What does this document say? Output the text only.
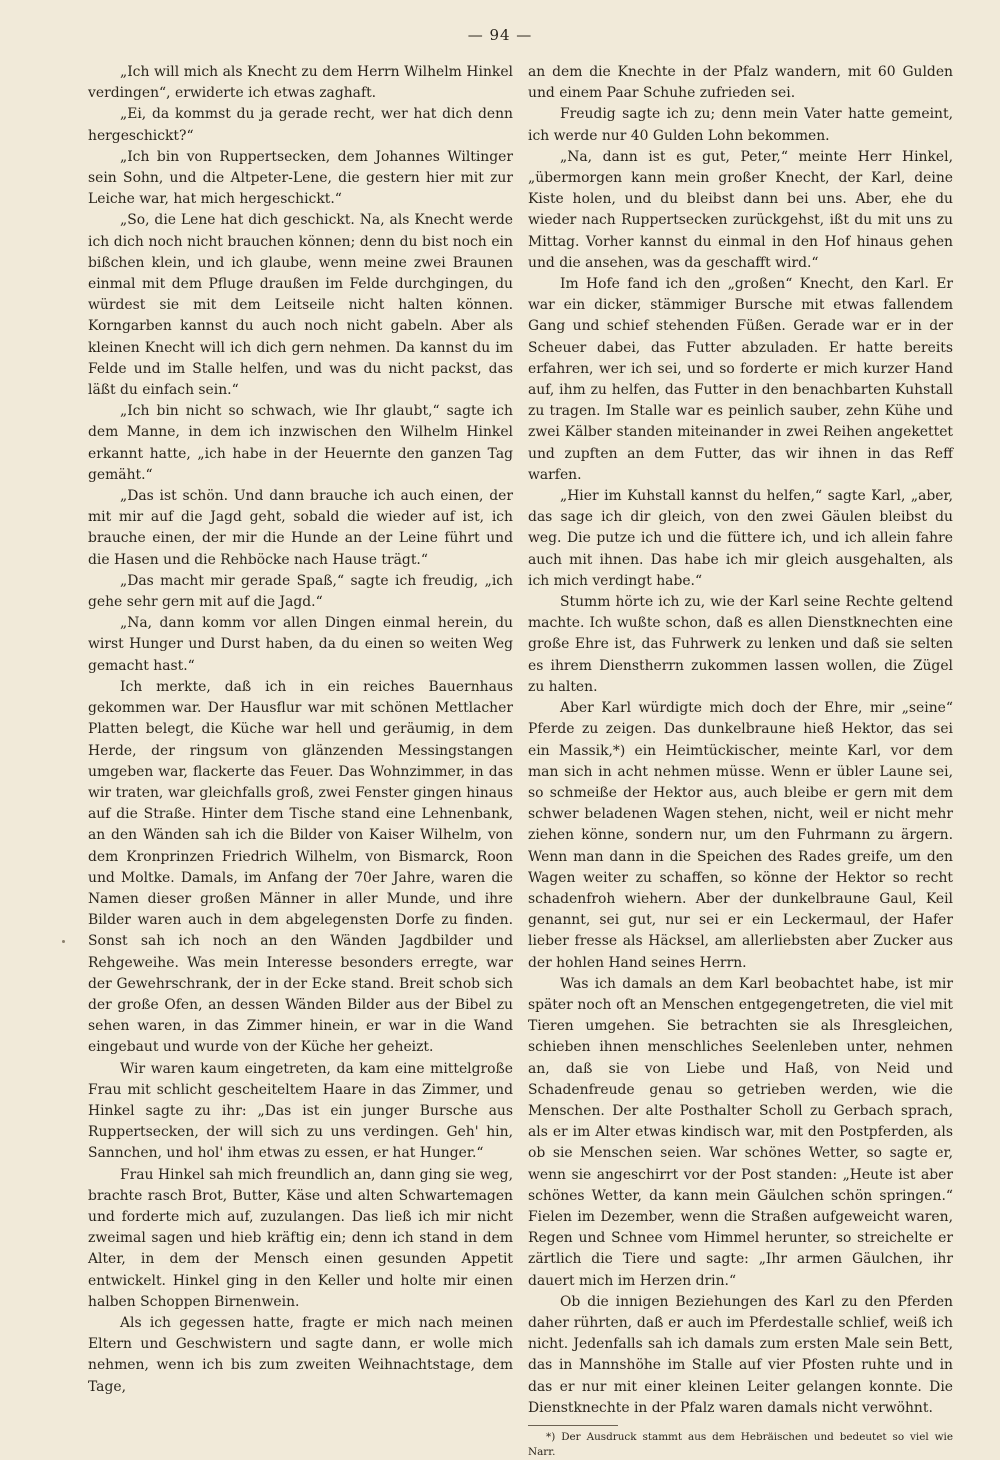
— 94 —

„Ich will mich als Knecht zu dem Herrn Wilhelm Hinkel verdingen“, erwiderte ich etwas zaghaft.

„Ei, da kommst du ja gerade recht, wer hat dich denn hergeschickt?“

„Ich bin von Ruppertsecken, dem Johannes Wiltinger sein Sohn, und die Altpeter-Lene, die gestern hier mit zur Leiche war, hat mich hergeschickt.“

„So, die Lene hat dich geschickt. Na, als Knecht werde ich dich noch nicht brauchen können; denn du bist noch ein bißchen klein, und ich glaube, wenn meine zwei Braunen einmal mit dem Pfluge draußen im Felde durchgingen, du würdest sie mit dem Leitseile nicht halten können. Korngarben kannst du auch noch nicht gabeln. Aber als kleinen Knecht will ich dich gern nehmen. Da kannst du im Felde und im Stalle helfen, und was du nicht packst, das läßt du einfach sein.“

„Ich bin nicht so schwach, wie Ihr glaubt,“ sagte ich dem Manne, in dem ich inzwischen den Wilhelm Hinkel erkannt hatte, „ich habe in der Heuernte den ganzen Tag gemäht.“

„Das ist schön. Und dann brauche ich auch einen, der mit mir auf die Jagd geht, sobald die wieder auf ist, ich brauche einen, der mir die Hunde an der Leine führt und die Hasen und die Rehböcke nach Hause trägt.“

„Das macht mir gerade Spaß,“ sagte ich freudig, „ich gehe sehr gern mit auf die Jagd.“

„Na, dann komm vor allen Dingen einmal herein, du wirst Hunger und Durst haben, da du einen so weiten Weg gemacht hast.“

Ich merkte, daß ich in ein reiches Bauernhaus gekommen war. Der Hausflur war mit schönen Mettlacher Platten belegt, die Küche war hell und geräumig, in dem Herde, der ringsum von glänzenden Messingstangen umgeben war, flackerte das Feuer. Das Wohnzimmer, in das wir traten, war gleichfalls groß, zwei Fenster gingen hinaus auf die Straße. Hinter dem Tische stand eine Lehnenbank, an den Wänden sah ich die Bilder von Kaiser Wilhelm, von dem Kronprinzen Friedrich Wilhelm, von Bismarck, Roon und Moltke. Damals, im Anfang der 70er Jahre, waren die Namen dieser großen Männer in aller Munde, und ihre Bilder waren auch in dem abgelegensten Dorfe zu finden. Sonst sah ich noch an den Wänden Jagdbilder und Rehgeweihe. Was mein Interesse besonders erregte, war der Gewehrschrank, der in der Ecke stand. Breit schob sich der große Ofen, an dessen Wänden Bilder aus der Bibel zu sehen waren, in das Zimmer hinein, er war in die Wand eingebaut und wurde von der Küche her geheizt.

Wir waren kaum eingetreten, da kam eine mittelgroße Frau mit schlicht gescheiteltem Haare in das Zimmer, und Hinkel sagte zu ihr: „Das ist ein junger Bursche aus Ruppertsecken, der will sich zu uns verdingen. Geh' hin, Sannchen, und hol' ihm etwas zu essen, er hat Hunger.“

Frau Hinkel sah mich freundlich an, dann ging sie weg, brachte rasch Brot, Butter, Käse und alten Schwartemagen und forderte mich auf, zuzulangen. Das ließ ich mir nicht zweimal sagen und hieb kräftig ein; denn ich stand in dem Alter, in dem der Mensch einen gesunden Appetit entwickelt. Hinkel ging in den Keller und holte mir einen halben Schoppen Birnenwein.

Als ich gegessen hatte, fragte er mich nach meinen Eltern und Geschwistern und sagte dann, er wolle mich nehmen, wenn ich bis zum zweiten Weihnachtstage, dem Tage,

an dem die Knechte in der Pfalz wandern, mit 60 Gulden und einem Paar Schuhe zufrieden sei.

Freudig sagte ich zu; denn mein Vater hatte gemeint, ich werde nur 40 Gulden Lohn bekommen.

„Na, dann ist es gut, Peter,“ meinte Herr Hinkel, „übermorgen kann mein großer Knecht, der Karl, deine Kiste holen, und du bleibst dann bei uns. Aber, ehe du wieder nach Ruppertsecken zurückgehst, ißt du mit uns zu Mittag. Vorher kannst du einmal in den Hof hinaus gehen und die ansehen, was da geschafft wird.“

Im Hofe fand ich den „großen“ Knecht, den Karl. Er war ein dicker, stämmiger Bursche mit etwas fallendem Gang und schief stehenden Füßen. Gerade war er in der Scheuer dabei, das Futter abzuladen. Er hatte bereits erfahren, wer ich sei, und so forderte er mich kurzer Hand auf, ihm zu helfen, das Futter in den benachbarten Kuhstall zu tragen. Im Stalle war es peinlich sauber, zehn Kühe und zwei Kälber standen miteinander in zwei Reihen angekettet und zupften an dem Futter, das wir ihnen in das Reff warfen.

„Hier im Kuhstall kannst du helfen,“ sagte Karl, „aber, das sage ich dir gleich, von den zwei Gäulen bleibst du weg. Die putze ich und die füttere ich, und ich allein fahre auch mit ihnen. Das habe ich mir gleich ausgehalten, als ich mich verdingt habe.“

Stumm hörte ich zu, wie der Karl seine Rechte geltend machte. Ich wußte schon, daß es allen Dienstknechten eine große Ehre ist, das Fuhrwerk zu lenken und daß sie selten es ihrem Dienstherrn zukommen lassen wollen, die Zügel zu halten.

Aber Karl würdigte mich doch der Ehre, mir „seine“ Pferde zu zeigen. Das dunkelbraune hieß Hektor, das sei ein Massik,*) ein Heimtückischer, meinte Karl, vor dem man sich in acht nehmen müsse. Wenn er übler Laune sei, so schmeiße der Hektor aus, auch bleibe er gern mit dem schwer beladenen Wagen stehen, nicht, weil er nicht mehr ziehen könne, sondern nur, um den Fuhrmann zu ärgern. Wenn man dann in die Speichen des Rades greife, um den Wagen weiter zu schaffen, so könne der Hektor so recht schadenfroh wiehern. Aber der dunkelbraune Gaul, Keil genannt, sei gut, nur sei er ein Leckermaul, der Hafer lieber fresse als Häcksel, am allerliebsten aber Zucker aus der hohlen Hand seines Herrn.

Was ich damals an dem Karl beobachtet habe, ist mir später noch oft an Menschen entgegengetreten, die viel mit Tieren umgehen. Sie betrachten sie als Ihresgleichen, schieben ihnen menschliches Seelenleben unter, nehmen an, daß sie von Liebe und Haß, von Neid und Schadenfreude genau so getrieben werden, wie die Menschen. Der alte Posthalter Scholl zu Gerbach sprach, als er im Alter etwas kindisch war, mit den Postpferden, als ob sie Menschen seien. War schönes Wetter, so sagte er, wenn sie angeschirrt vor der Post standen: „Heute ist aber schönes Wetter, da kann mein Gäulchen schön springen.“ Fielen im Dezember, wenn die Straßen aufgeweicht waren, Regen und Schnee vom Himmel herunter, so streichelte er zärtlich die Tiere und sagte: „Ihr armen Gäulchen, ihr dauert mich im Herzen drin.“

Ob die innigen Beziehungen des Karl zu den Pferden daher rührten, daß er auch im Pferdestalle schlief, weiß ich nicht. Jedenfalls sah ich damals zum ersten Male sein Bett, das in Mannshöhe im Stalle auf vier Pfosten ruhte und in das er nur mit einer kleinen Leiter gelangen konnte. Die Dienstknechte in der Pfalz waren damals nicht verwöhnt.

*) Der Ausdruck stammt aus dem Hebräischen und bedeutet so viel wie Narr.
